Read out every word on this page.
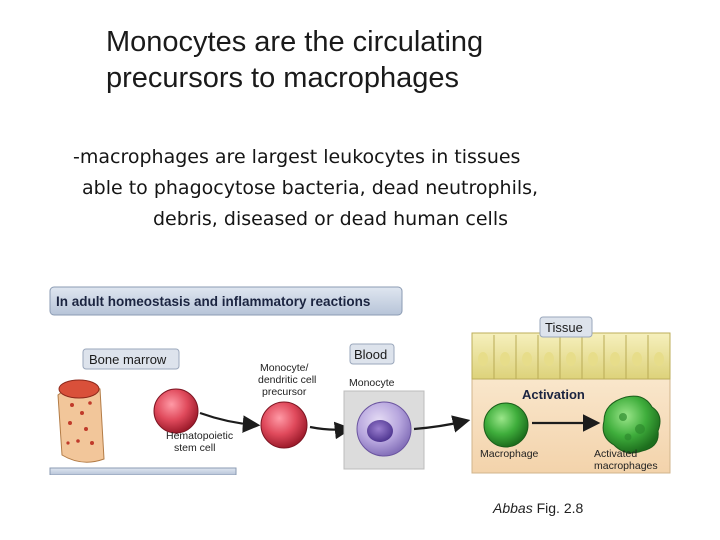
Monocytes are the circulating
precursors to macrophages
-macrophages are largest leukocytes in tissues
able to phagocytose bacteria, dead neutrophils,
debris, diseased or dead human cells
In adult homeostasis and inflammatory reactions
Bone marrow
Hematopoietic
stem cell
Monocyte/
dendritic cell
precursor
Blood
Monocyte
Tissue
Activation
Macrophage	Activated
macrophages
Abbas Fig. 2.8
